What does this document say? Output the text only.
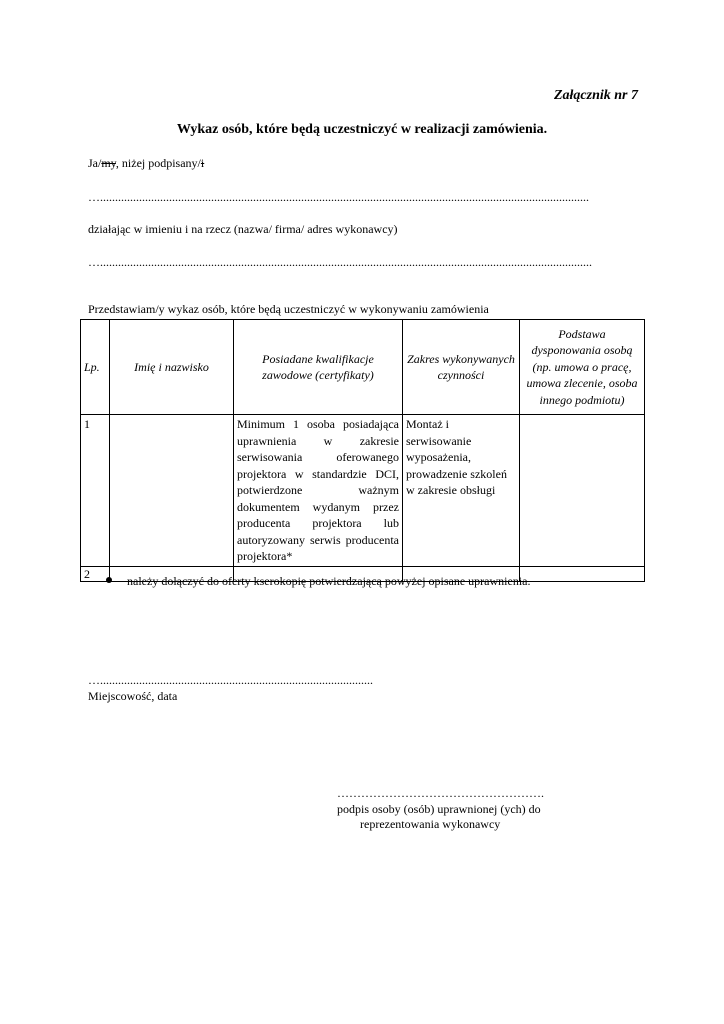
Załącznik nr 7
Wykaz osób, które będą uczestniczyć w realizacji zamówienia.
Ja/my, niżej podpisany/i
…...................................................................................................................................................................
działając w imieniu i na rzecz (nazwa/ firma/ adres wykonawcy)
…....................................................................................................................................................................
Przedstawiam/y wykaz osób, które będą uczestniczyć w wykonywaniu zamówienia
Lp.	Imię i nazwisko	Posiadane kwalifikacje zawodowe (certyfikaty)	Zakres wykonywanych czynności	Podstawa dysponowania osobą (np. umowa o pracę, umowa zlecenie, osoba innego podmiotu)
1		Minimum 1 osoba posiadająca uprawnienia w zakresie serwisowania oferowanego projektora w standardzie DCI, potwierdzone ważnym dokumentem wydanym przez producenta projektora lub autoryzowany serwis producenta projektora*	Montaż i serwisowanie wyposażenia, prowadzenie szkoleń w zakresie obsługi	
2				
należy dołączyć do oferty kserokopię potwierdzającą powyżej opisane uprawnienia.
…...........................................................................................
Miejscowość, data
…………………………………………….
podpis osoby (osób) uprawnionej (ych) do
reprezentowania wykonawcy
